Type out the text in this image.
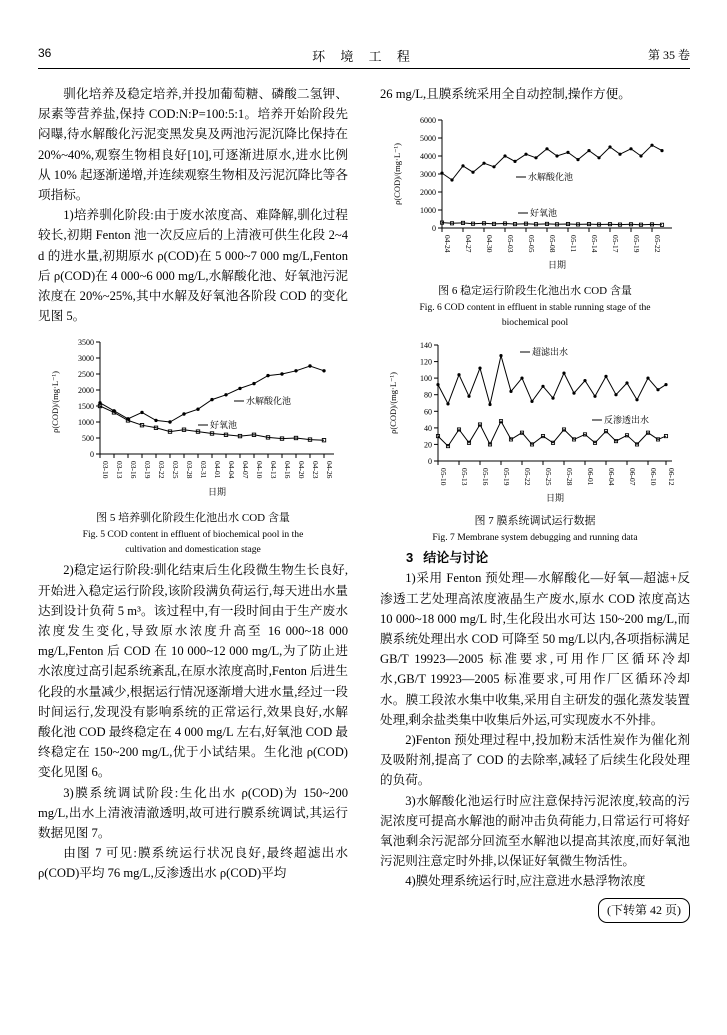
36	环 境 工 程	第 35 卷

驯化培养及稳定培养,并投加葡萄糖、磷酸二氢钾、尿素等营养盐,保持 COD:N:P=100:5:1。培养开始阶段先闷曝,待水解酸化污泥变黑发臭及两池污泥沉降比保持在 20%~40%,观察生物相良好[10],可逐渐进原水,进水比例从 10% 起逐渐递增,并连续观察生物相及污泥沉降比等各项指标。

1)培养驯化阶段:由于废水浓度高、难降解,驯化过程较长,初期 Fenton 池一次反应后的上清液可供生化段 2~4 d 的进水量,初期原水 ρ(COD)在 5 000~7 000 mg/L,Fenton 后 ρ(COD)在 4 000~6 000 mg/L,水解酸化池、好氧池污泥浓度在 20%~25%,其中水解及好氧池各阶段 COD 的变化见图 5。

0
500
1000
1500
2000
2500
3000
3500
03-10 03-13 03-16 03-19 03-22 03-25 03-28 03-31 04-01 04-04 04-07 04-10 04-13 04-16 04-20 04-23 04-26
ρ(COD)/(mg·L⁻¹)	水解酸化池
好氧池
日期
图 5 培养驯化阶段生化池出水 COD 含量
Fig. 5 COD content in effluent of biochemical pool in the
cultivation and domestication stage

2)稳定运行阶段:驯化结束后生化段微生物生长良好,开始进入稳定运行阶段,该阶段满负荷运行,每天进出水量达到设计负荷 5 m³。该过程中,有一段时间由于生产废水浓度发生变化,导致原水浓度升高至 16 000~18 000 mg/L,Fenton 后 COD 在 10 000~12 000 mg/L,为了防止进水浓度过高引起系统紊乱,在原水浓度高时,Fenton 后进生化段的水量减少,根据运行情况逐渐增大进水量,经过一段时间运行,发现没有影响系统的正常运行,效果良好,水解酸化池 COD 最终稳定在 4 000 mg/L 左右,好氧池 COD 最终稳定在 150~200 mg/L,优于小试结果。生化池 ρ(COD)变化见图 6。

3)膜系统调试阶段:生化出水 ρ(COD)为 150~200 mg/L,出水上清液清澈透明,故可进行膜系统调试,其运行数据见图 7。

由图 7 可见:膜系统运行状况良好,最终超滤出水 ρ(COD)平均 76 mg/L,反渗透出水 ρ(COD)平均

26 mg/L,且膜系统采用全自动控制,操作方便。

0
1000
2000
3000
4000
5000
6000
04-24 04-27 04-30 05-03 05-05 05-08 05-11 05-14 05-17 05-19 05-22
ρ(COD)/(mg·L⁻¹)	水解酸化池
好氧池
日期
图 6 稳定运行阶段生化池出水 COD 含量
Fig. 6 COD content in effluent in stable running stage of the
biochemical pool
0
20
40
60
80
100
120
140
05-10 05-13 05-16 05-19 05-22 05-25 05-28 06-01 06-04 06-07 06-10 06-12
ρ(COD)/(mg·L⁻¹)
超滤出水
反渗透出水
日期
图 7 膜系统调试运行数据
Fig. 7 Membrane system debugging and running data

3 结论与讨论

1)采用 Fenton 预处理—水解酸化—好氧—超滤+反渗透工艺处理高浓度液晶生产废水,原水 COD 浓度高达 10 000~18 000 mg/L 时,生化段出水可达 150~200 mg/L,而膜系统处理出水 COD 可降至 50 mg/L以内,各项指标满足 GB/T 19923—2005 标准要求,可用作厂区循环冷却水,GB/T 19923—2005 标准要求,可用作厂区循环冷却水。膜工段浓水集中收集,采用自主研发的强化蒸发装置处理,剩余盐类集中收集后外运,可实现废水不外排。

2)Fenton 预处理过程中,投加粉末活性炭作为催化剂及吸附剂,提高了 COD 的去除率,减轻了后续生化段处理的负荷。

3)水解酸化池运行时应注意保持污泥浓度,较高的污泥浓度可提高水解池的耐冲击负荷能力,日常运行可将好氧池剩余污泥部分回流至水解池以提高其浓度,而好氧池污泥则注意定时外排,以保证好氧微生物活性。

4)膜处理系统运行时,应注意进水悬浮物浓度

(下转第 42 页)
